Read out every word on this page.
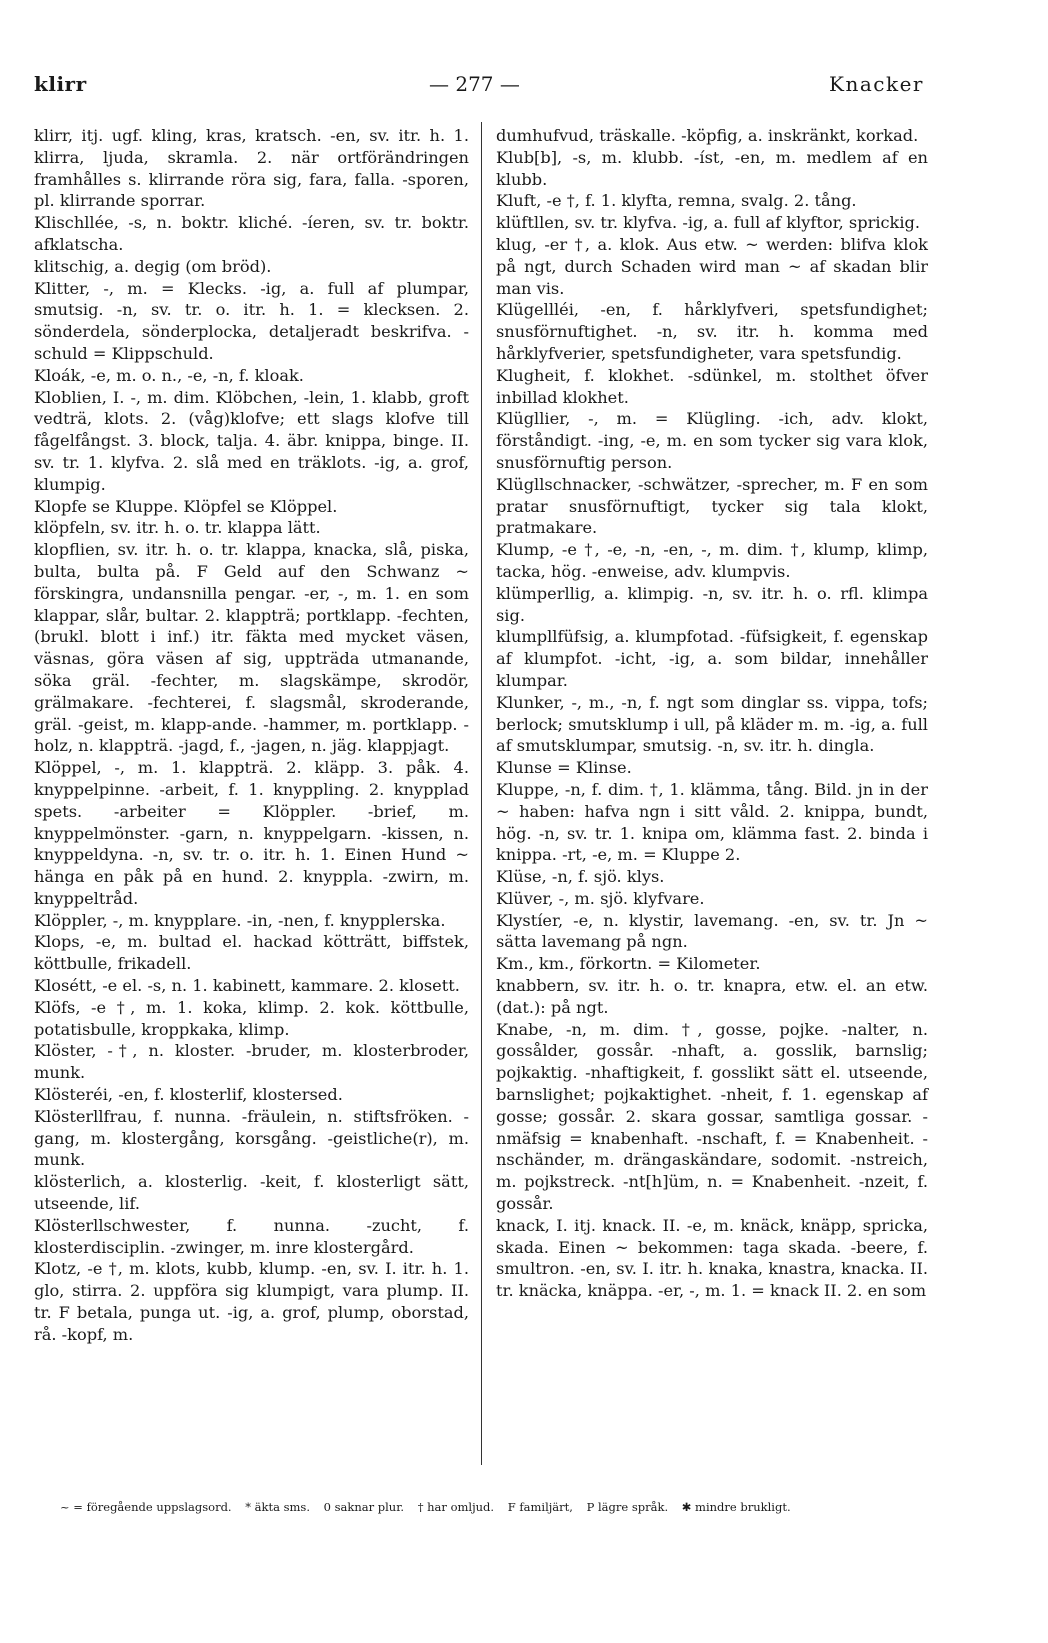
klirr	— 277 —	Knacker

klirr, itj. ugf. kling, kras, kratsch. -en, sv. itr. h. 1. klirra, ljuda, skramla. 2. när ortförändringen framhålles s. klirrande röra sig, fara, falla. -sporen, pl. klirrande sporrar.

Klischllée, -s, n. boktr. kliché. -íeren, sv. tr. boktr. afklatscha.

klitschig, a. degig (om bröd).

Klitter, -, m. = Klecks. -ig, a. full af plumpar, smutsig. -n, sv. tr. o. itr. h. 1. = klecksen. 2. sönderdela, sönderplocka, detaljeradt beskrifva. -schuld = Klippschuld.

Kloák, -e, m. o. n., -e, -n, f. kloak.

Kloblien, I. -, m. dim. Klöbchen, -lein, 1. klabb, groft vedträ, klots. 2. (våg)klofve; ett slags klofve till fågelfångst. 3. block, talja. 4. äbr. knippa, binge. II. sv. tr. 1. klyfva. 2. slå med en träklots. -ig, a. grof, klumpig.

Klopfe se Kluppe. Klöpfel se Klöppel.

klöpfeln, sv. itr. h. o. tr. klappa lätt.

klopflien, sv. itr. h. o. tr. klappa, knacka, slå, piska, bulta, bulta på. F Geld auf den Schwanz ~ förskingra, undansnilla pengar. -er, -, m. 1. en som klappar, slår, bultar. 2. klappträ; portklapp. -fechten, (brukl. blott i inf.) itr. fäkta med mycket väsen, väsnas, göra väsen af sig, uppträda utmanande, söka gräl. -fechter, m. slagskämpe, skrodör, grälmakare. -fechterei, f. slagsmål, skroderande, gräl. -geist, m. klapp-ande. -hammer, m. portklapp. -holz, n. klappträ. -jagd, f., -jagen, n. jäg. klappjagt.

Klöppel, -, m. 1. klappträ. 2. kläpp. 3. påk. 4. knyppelpinne. -arbeit, f. 1. knyppling. 2. knypplad spets. -arbeiter = Klöppler. -brief, m. knyppelmönster. -garn, n. knyppelgarn. -kissen, n. knyppeldyna. -n, sv. tr. o. itr. h. 1. Einen Hund ~ hänga en påk på en hund. 2. knyppla. -zwirn, m. knyppeltråd.

Klöppler, -, m. knypplare. -in, -nen, f. knypplerska.

Klops, -e, m. bultad el. hackad kötträtt, biffstek, köttbulle, frikadell.

Klosétt, -e el. -s, n. 1. kabinett, kammare. 2. klosett.

Klöfs, -e †, m. 1. koka, klimp. 2. kok. köttbulle, potatisbulle, kroppkaka, klimp.

Klöster, -†, n. kloster. -bruder, m. klosterbroder, munk.

Klösteréi, -en, f. klosterlif, klostersed.

Klösterllfrau, f. nunna. -fräulein, n. stiftsfröken. -gang, m. klostergång, korsgång. -geistliche(r), m. munk.

klösterlich, a. klosterlig. -keit, f. klosterligt sätt, utseende, lif.

Klösterllschwester, f. nunna. -zucht, f. klosterdisciplin. -zwinger, m. inre klostergård.

Klotz, -e †, m. klots, kubb, klump. -en, sv. I. itr. h. 1. glo, stirra. 2. uppföra sig klumpigt, vara plump. II. tr. F betala, punga ut. -ig, a. grof, plump, oborstad, rå. -kopf, m.

dumhufvud, träskalle. -köpfig, a. inskränkt, korkad.

Klub[b], -s, m. klubb. -íst, -en, m. medlem af en klubb.

Kluft, -e †, f. 1. klyfta, remna, svalg. 2. tång.

klüftllen, sv. tr. klyfva. -ig, a. full af klyftor, sprickig.

klug, -er †, a. klok. Aus etw. ~ werden: blifva klok på ngt, durch Schaden wird man ~ af skadan blir man vis.

Klügellléi, -en, f. hårklyfveri, spetsfundighet; snusförnuftighet. -n, sv. itr. h. komma med hårklyfverier, spetsfundigheter, vara spetsfundig.

Klugheit, f. klokhet. -sdünkel, m. stolthet öfver inbillad klokhet.

Klügllier, -, m. = Klügling. -ich, adv. klokt, förståndigt. -ing, -e, m. en som tycker sig vara klok, snusförnuftig person.

Klügllschnacker, -schwätzer, -sprecher, m. F en som pratar snusförnuftigt, tycker sig tala klokt, pratmakare.

Klump, -e †, -e, -n, -en, -, m. dim. †, klump, klimp, tacka, hög. -enweise, adv. klumpvis.

klümperllig, a. klimpig. -n, sv. itr. h. o. rfl. klimpa sig.

klumpllfüfsig, a. klumpfotad. -füfsigkeit, f. egenskap af klumpfot. -icht, -ig, a. som bildar, innehåller klumpar.

Klunker, -, m., -n, f. ngt som dinglar ss. vippa, tofs; berlock; smutsklump i ull, på kläder m. m. -ig, a. full af smutsklumpar, smutsig. -n, sv. itr. h. dingla.

Klunse = Klinse.

Kluppe, -n, f. dim. †, 1. klämma, tång. Bild. jn in der ~ haben: hafva ngn i sitt våld. 2. knippa, bundt, hög. -n, sv. tr. 1. knipa om, klämma fast. 2. binda i knippa. -rt, -e, m. = Kluppe 2.

Klüse, -n, f. sjö. klys.

Klüver, -, m. sjö. klyfvare.

Klystíer, -e, n. klystir, lavemang. -en, sv. tr. Jn ~ sätta lavemang på ngn.

Km., km., förkortn. = Kilometer.

knabbern, sv. itr. h. o. tr. knapra, etw. el. an etw. (dat.): på ngt.

Knabe, -n, m. dim. †, gosse, pojke. -nalter, n. gossålder, gossår. -nhaft, a. gosslik, barnslig; pojkaktig. -nhaftigkeit, f. gosslikt sätt el. utseende, barnslighet; pojkaktighet. -nheit, f. 1. egenskap af gosse; gossår. 2. skara gossar, samtliga gossar. -nmäfsig = knabenhaft. -nschaft, f. = Knabenheit. -nschänder, m. drängaskändare, sodomit. -nstreich, m. pojkstreck. -nt[h]üm, n. = Knabenheit. -nzeit, f. gossår.

knack, I. itj. knack. II. -e, m. knäck, knäpp, spricka, skada. Einen ~ bekommen: taga skada. -beere, f. smultron. -en, sv. I. itr. h. knaka, knastra, knacka. II. tr. knäcka, knäppa. -er, -, m. 1. = knack II. 2. en som

~ = föregående uppslagsord. * äkta sms. 0 saknar plur. † har omljud. F familjärt, P lägre språk. ✱ mindre brukligt.
